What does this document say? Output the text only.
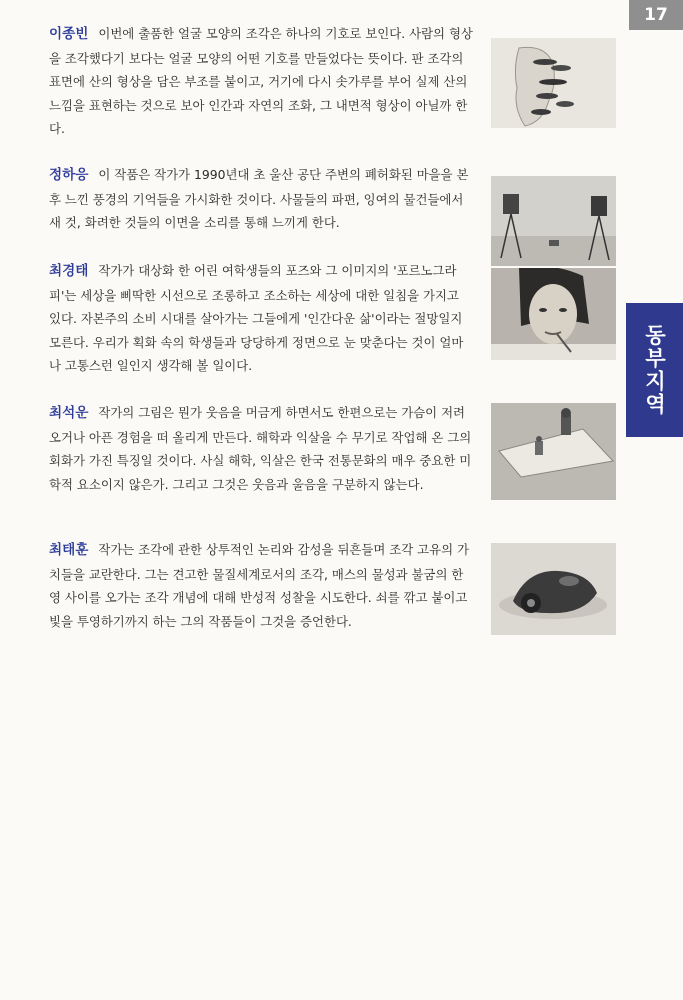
17
동부지역
이종빈 이번에 출품한 얼굴 모양의 조각은 하나의 기호로 보인다. 사람의 형상을 조각했다기 보다는 얼굴 모양의 어떤 기호를 만들었다는 뜻이다. 판 조각의 표면에 산의 형상을 담은 부조를 붙이고, 거기에 다시 솟가루를 부어 실제 산의 느낌을 표현하는 것으로 보아 인간과 자연의 조화, 그 내면적 형상이 아닐까 한다.
정하응 이 작품은 작가가 1990년대 초 울산 공단 주변의 폐허화된 마을을 본 후 느낀 풍경의 기억들을 가시화한 것이다. 사물들의 파편, 잉여의 물건들에서 새 것, 화려한 것들의 이면을 소리를 통해 느끼게 한다.
최경태 작가가 대상화 한 어린 여학생들의 포즈와 그 이미지의 '포르노그라피'는 세상을 삐딱한 시선으로 조롱하고 조소하는 세상에 대한 일침을 가지고 있다. 자본주의 소비 시대를 살아가는 그들에게 '인간다운 삶'이라는 절망일지 모른다. 우리가 획화 속의 학생들과 당당하게 정면으로 눈 맞춘다는 것이 얼마나 고통스런 일인지 생각해 볼 일이다.
최석운 작가의 그림은 뭔가 웃음을 머금게 하면서도 한편으로는 가슴이 저려 오거나 아픈 경험을 떠 올리게 만든다. 해학과 익살을 수 무기로 작업해 온 그의 회화가 가진 특징일 것이다. 사실 해학, 익살은 한국 전통문화의 매우 중요한 미학적 요소이지 않은가. 그리고 그것은 웃음과 울음을 구분하지 않는다.
최태훈 작가는 조각에 관한 상투적인 논리와 감성을 뒤흔들며 조각 고유의 가치들을 교란한다. 그는 견고한 물질세계로서의 조각, 매스의 물성과 불굼의 한영 사이를 오가는 조각 개념에 대해 반성적 성찰을 시도한다. 쇠를 깎고 붙이고 빛을 투영하기까지 하는 그의 작품들이 그것을 증언한다.
